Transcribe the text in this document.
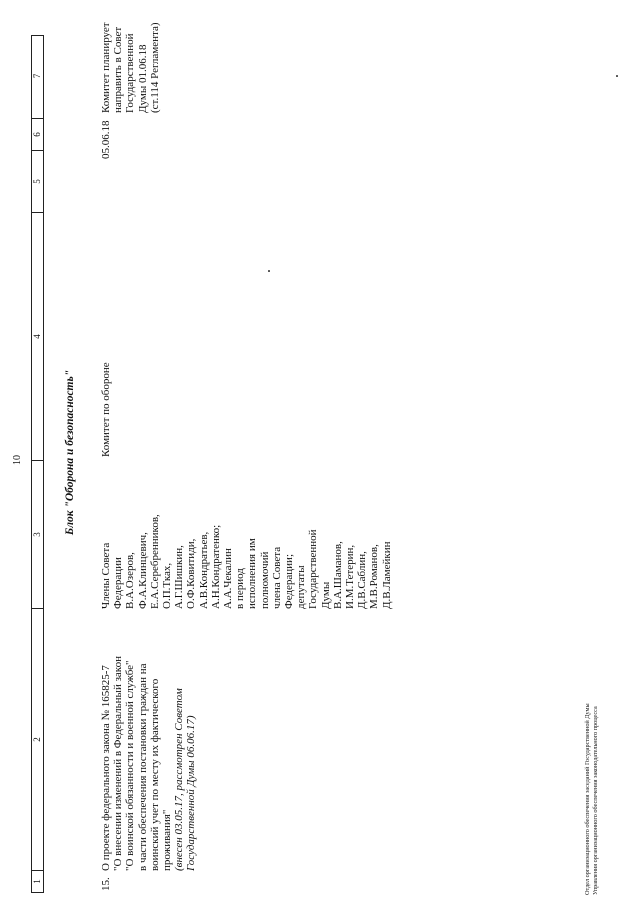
10
1
2
3
4
5
6
7
Блок "Оборона и безопасность"
15.
О проекте федерального закона № 165825-7 "О внесении изменений в Федеральный закон "О воинской обязанности и военной службе" в части обеспечения постановки граждан на воинский учет по месту их фактического проживания" (внесен 03.05.17, рассмотрен Советом Государственной Думы 06.06.17)
Члены Совета Федерации В.А.Озеров, Ф.А.Клинцевич, Е.А.Серебренников, О.П.Тках, А.Г.Шишкин, О.Ф.Ковитиди, А.В.Кондратьев, А.Н.Кондратенко; А.А.Чекалин в период исполнения им полномочий члена Совета Федерации; депутаты Государственной Думы В.А.Шаманов, И.М.Тетерин, Д.В.Саблин, М.В.Романов, Д.В.Ламейкин
Комитет по обороне
05.06.18
Комитет планирует направить в Совет Государственной Думы 01.06.18 (ст.114 Регламента)
Отдел организационного обеспечения заседаний Государственной Думы Управления организационного обеспечения законодательного процесса
